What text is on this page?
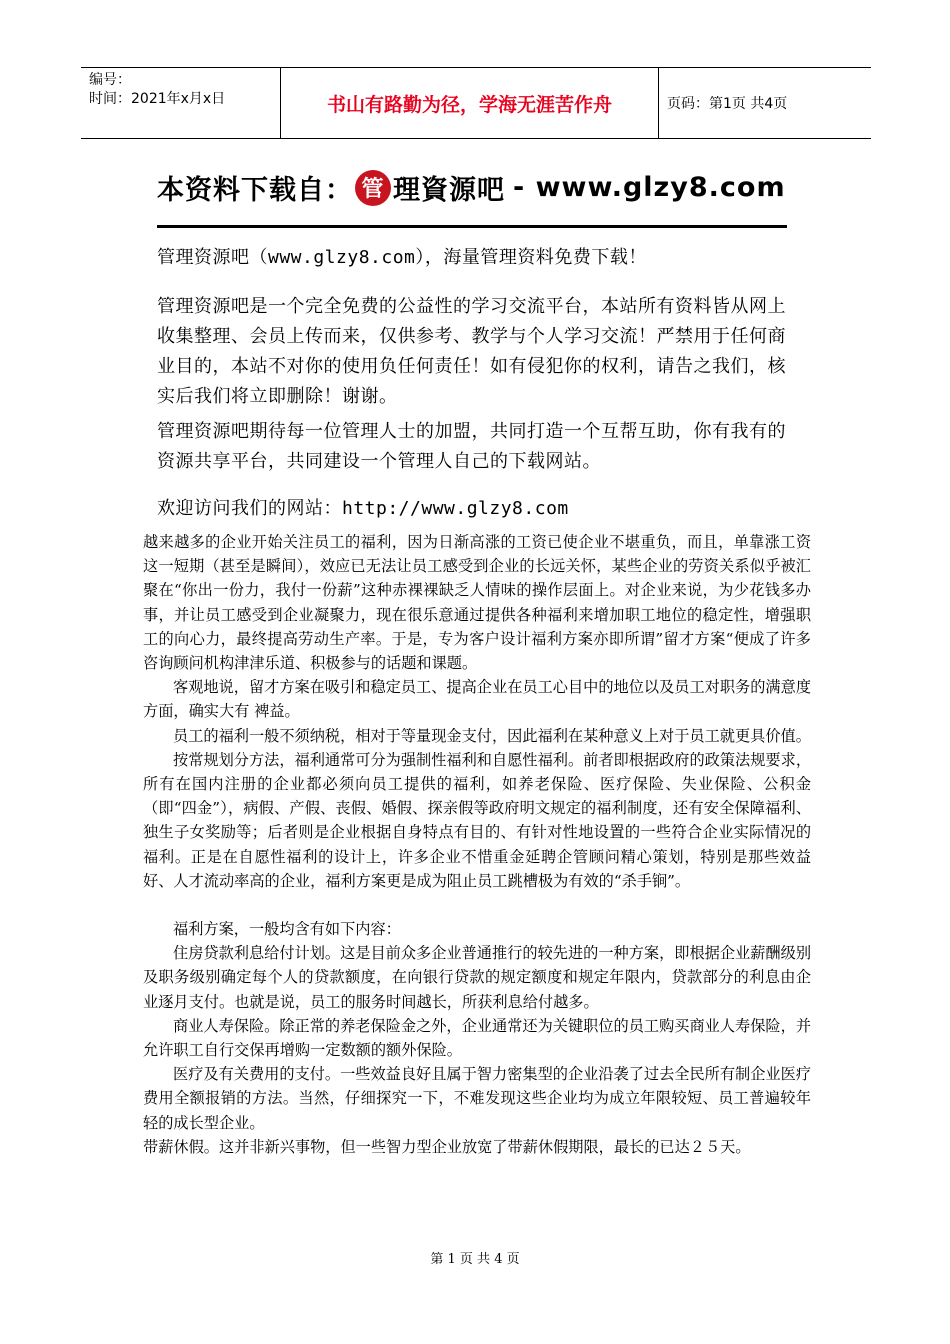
编号：
时间：2021年x月x日	书山有路勤为径，学海无涯苦作舟	页码：第1页 共4页
本资料下载自： 管 理資源吧 - www.glzy8.com

管理资源吧（www.glzy8.com），海量管理资料免费下载！

管理资源吧是一个完全免费的公益性的学习交流平台，本站所有资料皆从网上收集整理、会员上传而来，仅供参考、教学与个人学习交流！严禁用于任何商业目的，本站不对你的使用负任何责任！如有侵犯你的权利，请告之我们，核实后我们将立即删除！谢谢。

管理资源吧期待每一位管理人士的加盟，共同打造一个互帮互助，你有我有的资源共享平台，共同建设一个管理人自己的下载网站。

欢迎访问我们的网站：http://www.glzy8.com

越来越多的企业开始关注员工的福利，因为日渐高涨的工资已使企业不堪重负，而且，单靠涨工资这一短期（甚至是瞬间），效应已无法让员工感受到企业的长远关怀，某些企业的劳资关系似乎被汇聚在“你出一份力，我付一份薪”这种赤裸裸缺乏人情味的操作层面上。对企业来说，为少花钱多办事，并让员工感受到企业凝聚力，现在很乐意通过提供各种福利来增加职工地位的稳定性，增强职工的向心力，最终提高劳动生产率。于是，专为客户设计福利方案亦即所谓”留才方案“便成了许多咨询顾问机构津津乐道、积极参与的话题和课题。

客观地说，留才方案在吸引和稳定员工、提高企业在员工心目中的地位以及员工对职务的满意度方面，确实大有 裨益。

员工的福利一般不须纳税，相对于等量现金支付，因此福利在某种意义上对于员工就更具价值。

按常规划分方法，福利通常可分为强制性福利和自愿性福利。前者即根据政府的政策法规要求，所有在国内注册的企业都必须向员工提供的福利，如养老保险、医疗保险、失业保险、公积金（即“四金”），病假、产假、丧假、婚假、探亲假等政府明文规定的福利制度，还有安全保障福利、独生子女奖励等；后者则是企业根据自身特点有目的、有针对性地设置的一些符合企业实际情况的福利。正是在自愿性福利的设计上，许多企业不惜重金延聘企管顾问精心策划，特别是那些效益好、人才流动率高的企业，福利方案更是成为阻止员工跳槽极为有效的“杀手锏”。

福利方案，一般均含有如下内容：

住房贷款利息给付计划。这是目前众多企业普通推行的较先进的一种方案，即根据企业薪酬级别及职务级别确定每个人的贷款额度，在向银行贷款的规定额度和规定年限内，贷款部分的利息由企业逐月支付。也就是说，员工的服务时间越长，所获利息给付越多。

商业人寿保险。除正常的养老保险金之外，企业通常还为关键职位的员工购买商业人寿保险，并允许职工自行交保再增购一定数额的额外保险。

医疗及有关费用的支付。一些效益良好且属于智力密集型的企业沿袭了过去全民所有制企业医疗费用全额报销的方法。当然，仔细探究一下，不难发现这些企业均为成立年限较短、员工普遍较年轻的成长型企业。

带薪休假。这并非新兴事物，但一些智力型企业放宽了带薪休假期限，最长的已达２５天。

第 1 页 共 4 页
